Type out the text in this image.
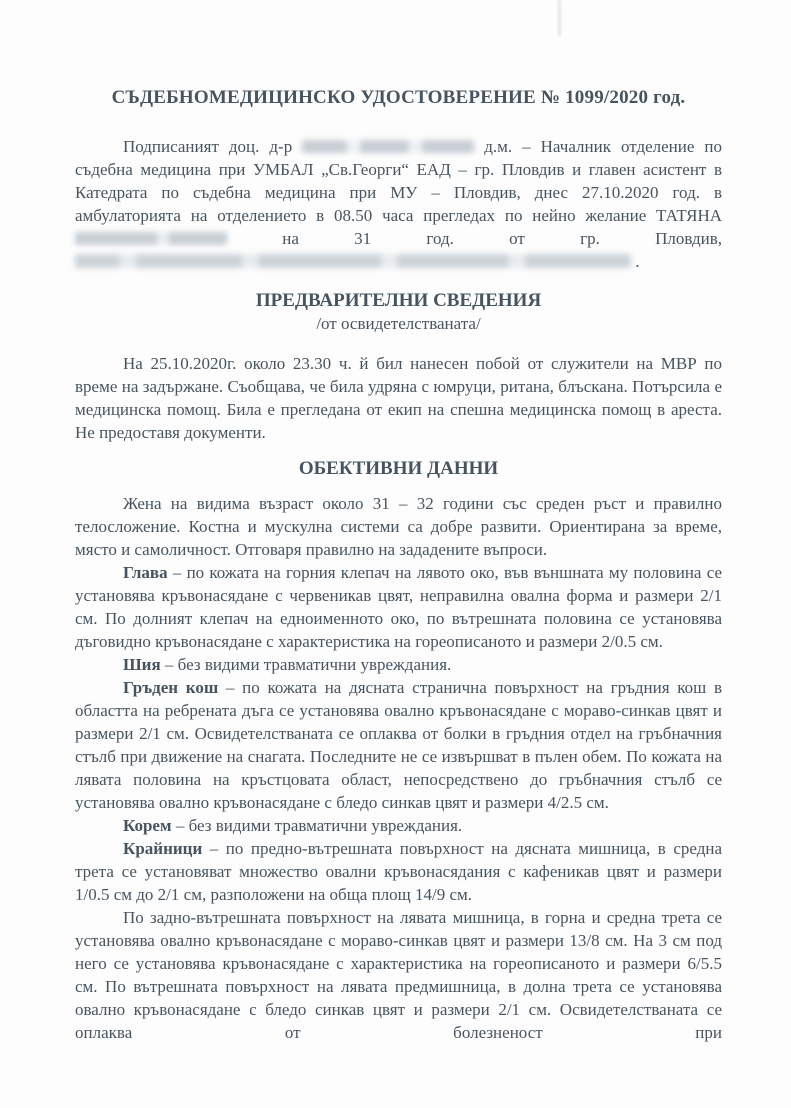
СЪДЕБНОМЕДИЦИНСКО УДОСТОВЕРЕНИЕ № 1099/2020 год.

Подписаният доц. д-р	д.м. – Началник отделение по съдебна медицина при УМБАЛ „Св.Георги“ ЕАД – гр. Пловдив и главен асистент в Катедрата по съдебна медицина при МУ – Пловдив, днес 27.10.2020 год. в амбулаторията на отделението в 08.50 часа прегледах по нейно желание ТАТЯНА  на 31 год. от гр. Пловдив,  .

ПРЕДВАРИТЕЛНИ СВЕДЕНИЯ
/от освидетелстваната/

На 25.10.2020г. около 23.30 ч. й бил нанесен побой от служители на МВР по време на задържане. Съобщава, че била удряна с юмруци, ритана, блъскана. Потърсила е медицинска помощ. Била е прегледана от екип на спешна медицинска помощ в ареста. Не предоставя документи.

ОБЕКТИВНИ ДАННИ

Жена на видима възраст около 31 – 32 години със среден ръст и правилно телосложение. Костна и мускулна системи са добре развити. Ориентирана за време, място и самоличност. Отговаря правилно на зададените въпроси.

Глава – по кожата на горния клепач на лявото око, във външната му половина се установява кръвонасядане с червеникав цвят, неправилна овална форма и размери 2/1 см. По долният клепач на едноименното око, по вътрешната половина се установява дъговидно кръвонасядане с характеристика на гореописаното и размери 2/0.5 см.

Шия – без видими травматични увреждания.

Гръден кош – по кожата на дясната странична повърхност на гръдния кош в областта на ребрената дъга се установява овално кръвонасядане с мораво-синкав цвят и размери 2/1 см. Освидетелстваната се оплаква от болки в гръдния отдел на гръбначния стълб при движение на снагата. Последните не се извършват в пълен обем. По кожата на лявата половина на кръстцовата област, непосредствено до гръбначния стълб се установява овално кръвонасядане с бледо синкав цвят и размери 4/2.5 см.

Корем – без видими травматични увреждания.

Крайници – по предно-вътрешната повърхност на дясната мишница, в средна трета се установяват множество овални кръвонасядания с кафеникав цвят и размери 1/0.5 см до 2/1 см, разположени на обща площ 14/9 см.

По задно-вътрешната повърхност на лявата мишница, в горна и средна трета се установява овално кръвонасядане с мораво-синкав цвят и размери 13/8 см. На 3 см под него се установява кръвонасядане с характеристика на гореописаното и размери 6/5.5 см. По вътрешната повърхност на лявата предмишница, в долна трета се установява овално кръвонасядане с бледо синкав цвят и размери 2/1 см. Освидетелстваната се оплаква от болезненост при
